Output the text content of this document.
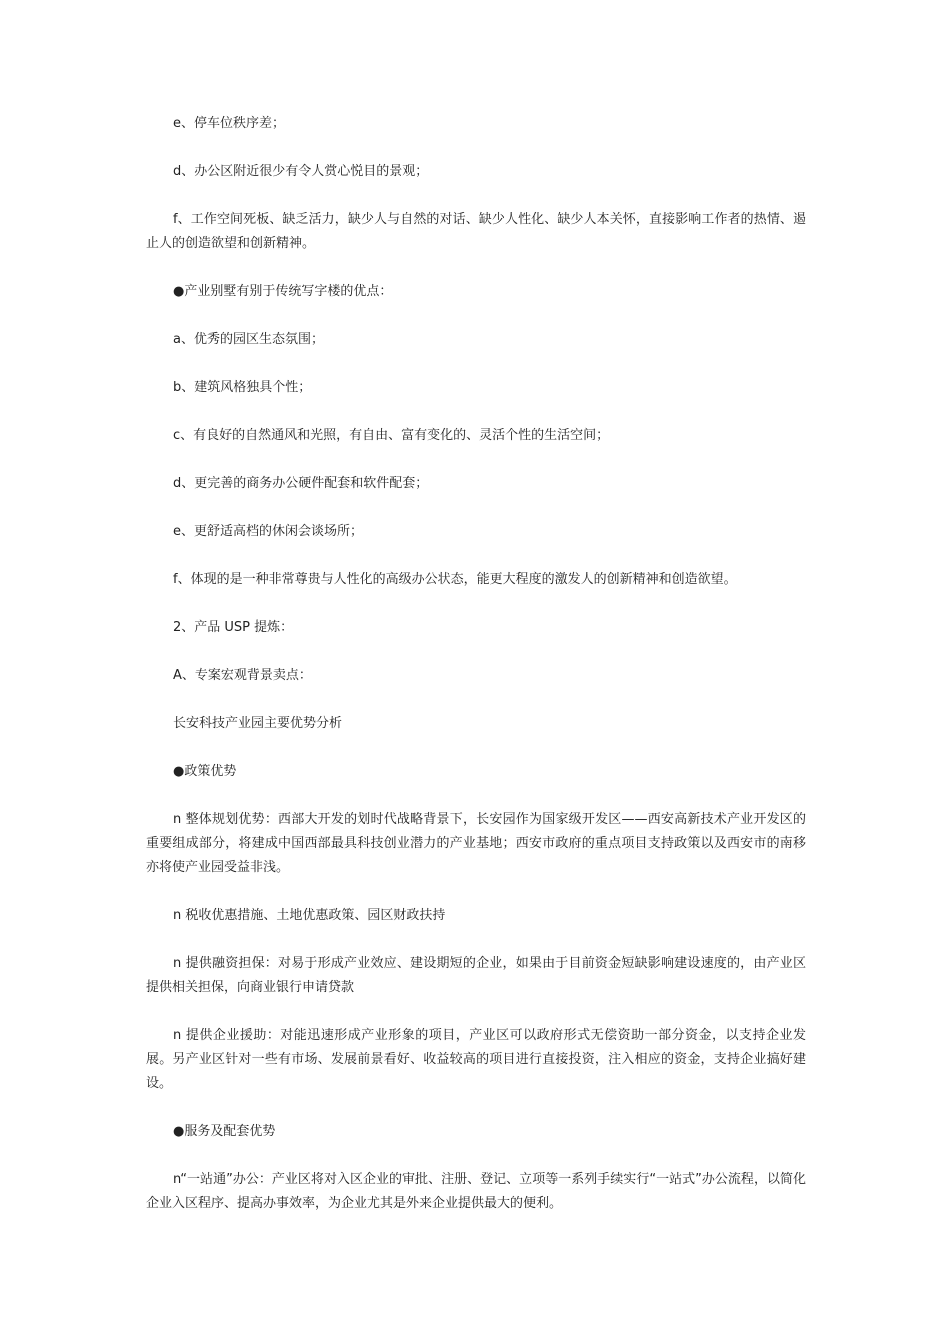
e、停车位秩序差；

d、办公区附近很少有令人赏心悦目的景观；

f、工作空间死板、缺乏活力，缺少人与自然的对话、缺少人性化、缺少人本关怀，直接影响工作者的热情、遏止人的创造欲望和创新精神。

●产业别墅有别于传统写字楼的优点：

a、优秀的园区生态氛围；

b、建筑风格独具个性；

c、有良好的自然通风和光照，有自由、富有变化的、灵活个性的生活空间；

d、更完善的商务办公硬件配套和软件配套；

e、更舒适高档的休闲会谈场所；

f、体现的是一种非常尊贵与人性化的高级办公状态，能更大程度的激发人的创新精神和创造欲望。

2、产品 USP 提炼：

A、专案宏观背景卖点：

长安科技产业园主要优势分析

●政策优势

n 整体规划优势：西部大开发的划时代战略背景下，长安园作为国家级开发区——西安高新技术产业开发区的重要组成部分，将建成中国西部最具科技创业潜力的产业基地；西安市政府的重点项目支持政策以及西安市的南移亦将使产业园受益非浅。

n 税收优惠措施、土地优惠政策、园区财政扶持

n 提供融资担保：对易于形成产业效应、建设期短的企业，如果由于目前资金短缺影响建设速度的，由产业区提供相关担保，向商业银行申请贷款

n 提供企业援助：对能迅速形成产业形象的项目，产业区可以政府形式无偿资助一部分资金，以支持企业发展。另产业区针对一些有市场、发展前景看好、收益较高的项目进行直接投资，注入相应的资金，支持企业搞好建设。

●服务及配套优势

n“一站通”办公：产业区将对入区企业的审批、注册、登记、立项等一系列手续实行“一站式”办公流程，以简化企业入区程序、提高办事效率，为企业尤其是外来企业提供最大的便利。
